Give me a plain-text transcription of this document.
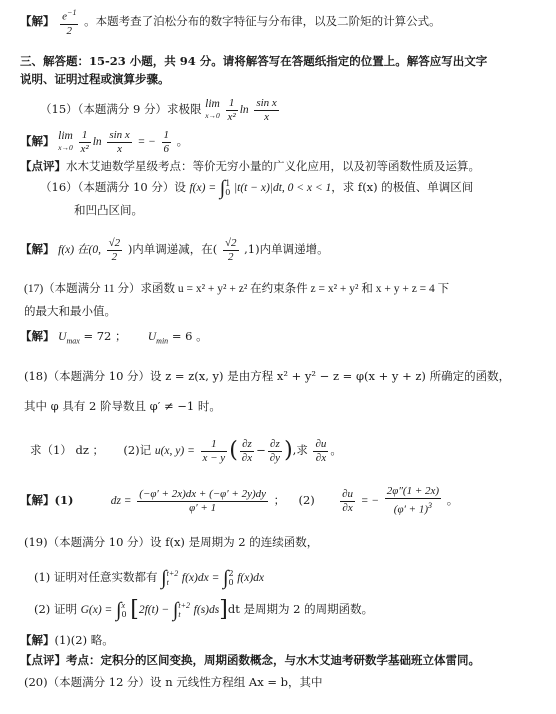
【解】 $\frac{e^{-1}}{2}$ 。本题考查了泊松分布的数字特征与分布律，以及二阶矩的计算公式。
三、解答题：15-23 小题，共 94 分。请将解答写在答题纸指定的位置上。解答应写出文字
说明、证明过程或演算步骤。
（15）（本题满分 9 分）求极限 lim
x→0
$\frac{1}{\text{x²}}$ $\ln \frac{\text{sin x}}{x}$
【解】 lim
x→0
$\frac{1}{\text{x²}}$ $\ln \frac{\text{sin x}}{x}$ = − $\frac{1}{6}$ 。
【点评】水木艾迪数学星级考点：等价无穷小量的广义化应用，以及初等函数性质及运算。
（16）（本题满分 10 分）设 f(x) = ∫ 1
0 |t(t − x)|dt, 0 < x < 1，求 f(x) 的极值、单调区间
和凹凸区间。
【解】 f(x) 在(0, $\frac{√2}{2}$ )内单调递减，在( $\frac{√2}{2} ,1$)内单调递增。
(17)（本题满分 11 分）求函数 u = x² + y² + z² 在约束条件 z = x² + y² 和 x + y + z = 4 下
的最大和最小值。
【解】 $U_{max} = 72$ ； $U_{min} = 6$ 。
(18)（本题满分 10 分）设 z = z(x, y) 是由方程 x² + y² − z = φ(x + y + z) 所确定的函数，
其中 φ 具有 2 阶导数且 φ′ ≠ −1 时。
求（1） dz ； (2)记 u(x, $y) = \frac{1}{x - y}$ ( $\frac{\partial z}{\partial x} - \frac{\partial z}{\partial y}$ ),求 $\frac{\partial u}{\partial x}$ 。
【解】(1)	dz = $\frac{(-\varphi' + 2x)dx + (-\varphi' + 2y)dy}{\varphi' + 1}$ ； $(2) \frac{\partial u}{\partial x}$ = − $\frac{2\varphi''(1 + 2x)}{(\varphi' + 1)^3}$ 。
(19)（本题满分 10 分）设 f(x) 是周期为 2 的连续函数，
(1) 证明对任意实数都有 ∫ t+2
t	f(x)dx = ∫ 2
0 f(x)dx
(2) 证明 G(x) = ∫ x
0 [2f(t) − ∫ t+2
t	f(s)ds]dt 是周期为 2 的周期函数。
【解】(1)(2) 略。
【点评】考点：定积分的区间变换，周期函数概念，与水木艾迪考研数学基础班立体雷同。
(20)（本题满分 12 分）设 n 元线性方程组 Ax = b，其中
